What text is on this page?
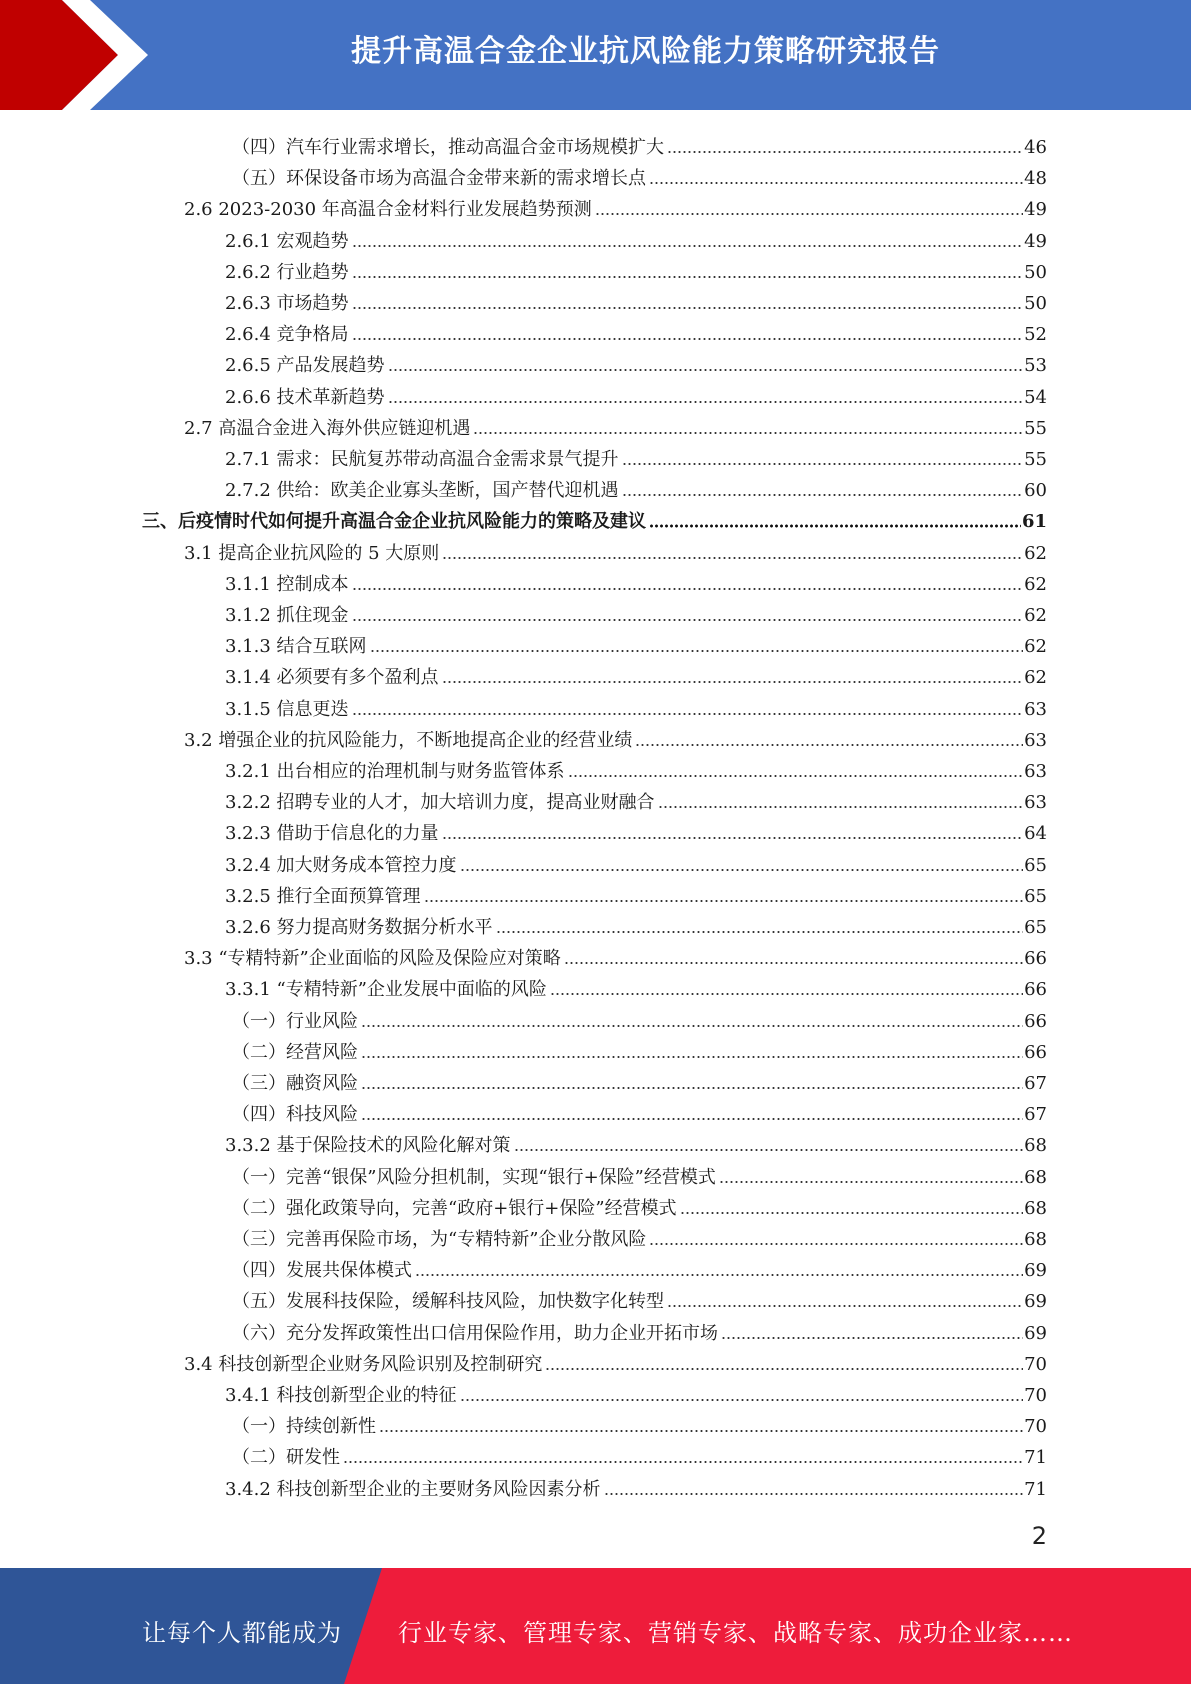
提升高温合金企业抗风险能力策略研究报告
（四）汽车行业需求增长，推动高温合金市场规模扩大	46
（五）环保设备市场为高温合金带来新的需求增长点	48
2.6 2023-2030 年高温合金材料行业发展趋势预测	49
2.6.1 宏观趋势	49
2.6.2 行业趋势	50
2.6.3 市场趋势	50
2.6.4 竞争格局	52
2.6.5 产品发展趋势	53
2.6.6 技术革新趋势	54
2.7 高温合金进入海外供应链迎机遇	55
2.7.1 需求：民航复苏带动高温合金需求景气提升	55
2.7.2 供给：欧美企业寡头垄断，国产替代迎机遇	60
三、后疫情时代如何提升高温合金企业抗风险能力的策略及建议	61
3.1 提高企业抗风险的 5 大原则	62
3.1.1 控制成本	62
3.1.2 抓住现金	62
3.1.3 结合互联网	62
3.1.4 必须要有多个盈利点	62
3.1.5 信息更迭	63
3.2 增强企业的抗风险能力，不断地提高企业的经营业绩	63
3.2.1 出台相应的治理机制与财务监管体系	63
3.2.2 招聘专业的人才，加大培训力度，提高业财融合	63
3.2.3 借助于信息化的力量	64
3.2.4 加大财务成本管控力度	65
3.2.5 推行全面预算管理	65
3.2.6 努力提高财务数据分析水平	65
3.3 “专精特新”企业面临的风险及保险应对策略	66
3.3.1 “专精特新”企业发展中面临的风险	66
（一）行业风险	66
（二）经营风险	66
（三）融资风险	67
（四）科技风险	67
3.3.2 基于保险技术的风险化解对策	68
（一）完善“银保”风险分担机制，实现“银行+保险”经营模式	68
（二）强化政策导向，完善“政府+银行+保险”经营模式	68
（三）完善再保险市场，为“专精特新”企业分散风险	68
（四）发展共保体模式	69
（五）发展科技保险，缓解科技风险，加快数字化转型	69
（六）充分发挥政策性出口信用保险作用，助力企业开拓市场	69
3.4 科技创新型企业财务风险识别及控制研究	70
3.4.1 科技创新型企业的特征	70
（一）持续创新性	70
（二）研发性	71
3.4.2 科技创新型企业的主要财务风险因素分析	71
2
让每个人都能成为 行业专家、管理专家、营销专家、战略专家、成功企业家……
